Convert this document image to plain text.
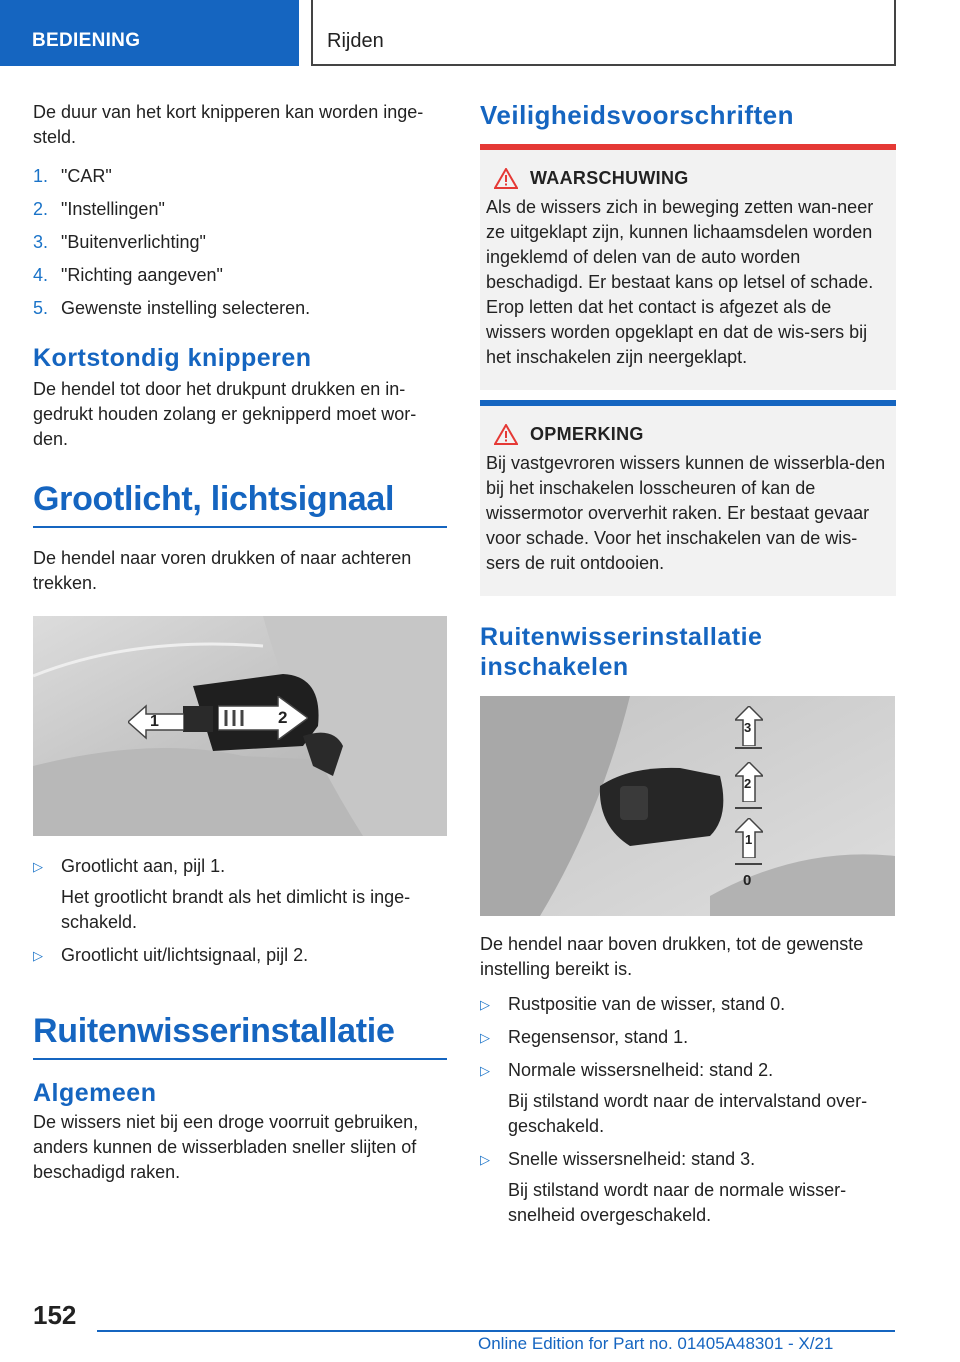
BEDIENING	Rijden

De duur van het kort knipperen kan worden inge-steld.

1. "CAR"
2. "Instellingen"
3. "Buitenverlichting"
4. "Richting aangeven"
5. Gewenste instelling selecteren.
Kortstondig knipperen

De hendel tot door het drukpunt drukken en in-gedrukt houden zolang er geknipperd moet wor-den.

Grootlicht, lichtsignaal

De hendel naar voren drukken of naar achteren trekken.

1	2
▷	Grootlicht aan, pijl 1.
Het grootlicht brandt als het dimlicht is inge-schakeld.
▷	Grootlicht uit/lichtsignaal, pijl 2.
Ruitenwisserinstallatie
Algemeen

De wissers niet bij een droge voorruit gebruiken, anders kunnen de wisserbladen sneller slijten of beschadigd raken.

Veiligheidsvoorschriften
WAARSCHUWING

Als de wissers zich in beweging zetten wan-neer ze uitgeklapt zijn, kunnen lichaamsdelen worden ingeklemd of delen van de auto worden beschadigd. Er bestaat kans op letsel of schade. Erop letten dat het contact is afgezet als de wissers worden opgeklapt en dat de wis-sers bij het inschakelen zijn neergeklapt.

OPMERKING

Bij vastgevroren wissers kunnen de wisserbla-den bij het inschakelen losscheuren of kan de wissermotor oververhit raken. Er bestaat gevaar voor schade. Voor het inschakelen van de wis-sers de ruit ontdooien.

Ruitenwisserinstallatie inschakelen
3
2
1
0

De hendel naar boven drukken, tot de gewenste instelling bereikt is.

▷	Rustpositie van de wisser, stand 0.
▷	Regensensor, stand 1.
▷	Normale wissersnelheid: stand 2.
Bij stilstand wordt naar de intervalstand over-geschakeld.
▷	Snelle wissersnelheid: stand 3.
Bij stilstand wordt naar de normale wisser-snelheid overgeschakeld.
152
Online Edition for Part no. 01405A48301 - X/21
